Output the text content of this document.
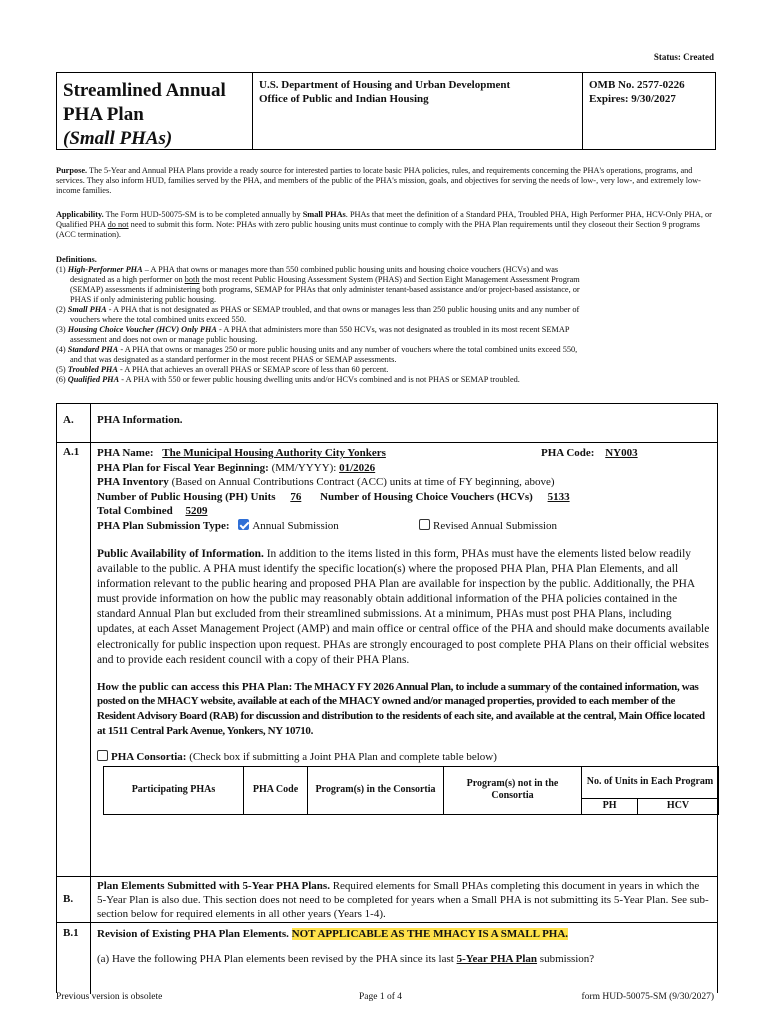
Status: Created
Streamlined Annual
PHA Plan
(Small PHAs)
U.S. Department of Housing and Urban Development
Office of Public and Indian Housing
OMB No. 2577-0226
Expires: 9/30/2027
Purpose. The 5-Year and Annual PHA Plans provide a ready source for interested parties to locate basic PHA policies, rules, and requirements concerning the PHA's operations, programs, and services. They also inform HUD, families served by the PHA, and members of the public of the PHA's mission, goals, and objectives for serving the needs of low-, very low-, and extremely low- income families.
Applicability. The Form HUD-50075-SM is to be completed annually by Small PHAs. PHAs that meet the definition of a Standard PHA, Troubled PHA, High Performer PHA, HCV-Only PHA, or Qualified PHA do not need to submit this form. Note: PHAs with zero public housing units must continue to comply with the PHA Plan requirements until they closeout their Section 9 programs (ACC termination).
Definitions.
(1) High-Performer PHA – A PHA that owns or manages more than 550 combined public housing units and housing choice vouchers (HCVs) and was
designated as a high performer on both the most recent Public Housing Assessment System (PHAS) and Section Eight Management Assessment Program
(SEMAP) assessments if administering both programs, SEMAP for PHAs that only administer tenant-based assistance and/or project-based assistance, or
PHAS if only administering public housing.
(2) Small PHA - A PHA that is not designated as PHAS or SEMAP troubled, and that owns or manages less than 250 public housing units and any number of
vouchers where the total combined units exceed 550.
(3) Housing Choice Voucher (HCV) Only PHA - A PHA that administers more than 550 HCVs, was not designated as troubled in its most recent SEMAP
assessment and does not own or manage public housing.
(4) Standard PHA - A PHA that owns or manages 250 or more public housing units and any number of vouchers where the total combined units exceed 550,
and that was designated as a standard performer in the most recent PHAS or SEMAP assessments.
(5) Troubled PHA - A PHA that achieves an overall PHAS or SEMAP score of less than 60 percent.
(6) Qualified PHA - A PHA with 550 or fewer public housing dwelling units and/or HCVs combined and is not PHAS or SEMAP troubled.
A.	PHA Information.
A.1	PHA Name: The Municipal Housing Authority City Yonkers	PHA Code: NY003
PHA Plan for Fiscal Year Beginning: (MM/YYYY): 01/2026
PHA Inventory (Based on Annual Contributions Contract (ACC) units at time of FY beginning, above)
Number of Public Housing (PH) Units 76 Number of Housing Choice Vouchers (HCVs) 5133
Total Combined 5209
PHA Plan Submission Type: Annual Submission	Revised Annual Submission
Public Availability of Information. In addition to the items listed in this form, PHAs must have the elements listed below readily available to the public. A PHA must identify the specific location(s) where the proposed PHA Plan, PHA Plan Elements, and all information relevant to the public hearing and proposed PHA Plan are available for inspection by the public. Additionally, the PHA must provide information on how the public may reasonably obtain additional information of the PHA policies contained in the standard Annual Plan but excluded from their streamlined submissions. At a minimum, PHAs must post PHA Plans, including updates, at each Asset Management Project (AMP) and main office or central office of the PHA and should make documents available electronically for public inspection upon request. PHAs are strongly encouraged to post complete PHA Plans on their official websites and to provide each resident council with a copy of their PHA Plans.
How the public can access this PHA Plan: The MHACY FY 2026 Annual Plan, to include a summary of the contained information, was posted on the MHACY website, available at each of the MHACY owned and/or managed properties, provided to each member of the Resident Advisory Board (RAB) for discussion and distribution to the residents of each site, and available at the central, Main Office located at 1511 Central Park Avenue, Yonkers, NY 10710.
PHA Consortia: (Check box if submitting a Joint PHA Plan and complete table below)
Participating PHAs	PHA Code	Program(s) in the Consortia	Program(s) not in the Consortia	No. of Units in Each Program	
				PH	HCV
B.
Plan Elements Submitted with 5-Year PHA Plans. Required elements for Small PHAs completing this document in years in which the 5-Year Plan is also due. This section does not need to be completed for years when a Small PHA is not submitting its 5-Year Plan. See sub-section below for required elements in all other years (Years 1-4).
B.1	Revision of Existing PHA Plan Elements. NOT APPLICABLE AS THE MHACY IS A SMALL PHA.
(a) Have the following PHA Plan elements been revised by the PHA since its last 5-Year PHA Plan submission?
Previous version is obsolete	Page 1 of 4	form HUD-50075-SM (9/30/2027)
